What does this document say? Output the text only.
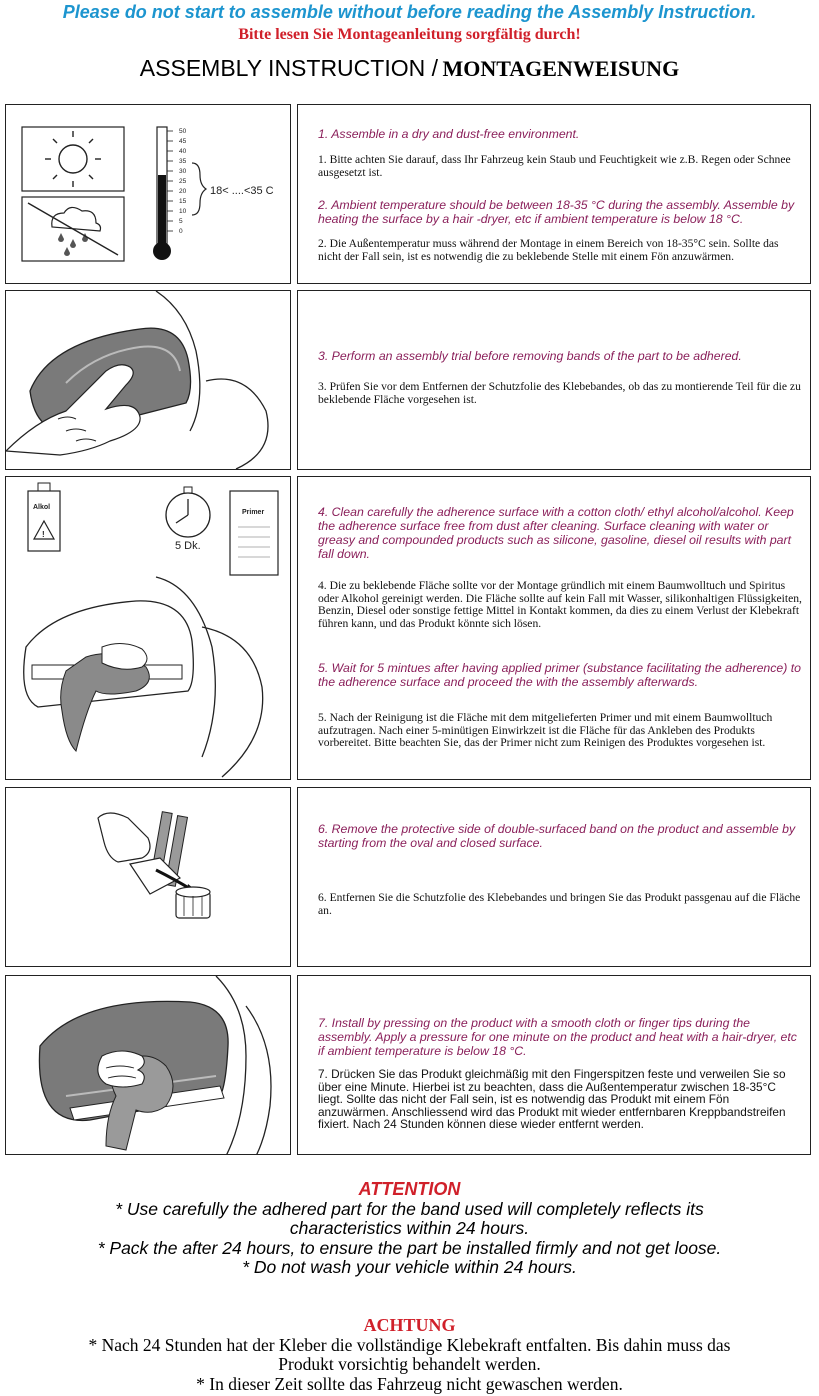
Please do not start to assemble without before reading the Assembly Instruction.
Bitte lesen Sie Montageanleitung sorgfältig durch!
ASSEMBLY INSTRUCTION / MONTAGENWEISUNG
50
45
40
35
30
25
20
15
10
5
0
18< ....<35 C
1. Assemble in a dry and dust-free environment.
1. Bitte achten Sie darauf, dass Ihr Fahrzeug kein Staub und Feuchtigkeit wie z.B. Regen oder Schnee ausgesetzt ist.
2. Ambient temperature should be between 18-35 °C during the assembly. Assemble by heating the surface by a hair -dryer, etc if ambient temperature is below 18 °C.
2. Die Außentemperatur muss während der Montage in einem Bereich von 18-35°C sein. Sollte das nicht der Fall sein, ist es notwendig die zu beklebende Stelle mit einem Fön anzuwärmen.
3. Perform an assembly trial before removing bands of the part to be adhered.
3. Prüfen Sie vor dem Entfernen der Schutzfolie des Klebebandes, ob das zu montierende Teil für die zu beklebende Fläche vorgesehen ist.
Alkol
!
5 Dk.
Primer	4. Clean carefully the adherence surface with a cotton cloth/ ethyl alcohol/alcohol. Keep the adherence surface free from dust after cleaning. Surface cleaning with water or greasy and compounded products such as silicone, gasoline, diesel oil results with part fall down.
4. Die zu beklebende Fläche sollte vor der Montage gründlich mit einem Baumwolltuch und Spiritus oder Alkohol gereinigt werden. Die Fläche sollte auf kein Fall mit Wasser, silikonhaltigen Flüssigkeiten, Benzin, Diesel oder sonstige fettige Mittel in Kontakt kommen, da dies zu einem Verlust der Klebekraft führen kann, und das Produkt könnte sich lösen.
5. Wait for 5 mintues after having applied primer (substance facilitating the adherence) to the adherence surface and proceed the with the assembly afterwards.
5. Nach der Reinigung ist die Fläche mit dem mitgelieferten Primer und mit einem Baumwolltuch aufzutragen. Nach einer 5-minütigen Einwirkzeit ist die Fläche für das Ankleben des Produkts vorbereitet. Bitte beachten Sie, das der Primer nicht zum Reinigen des Produktes vorgesehen ist.
6. Remove the protective side of double-surfaced band on the product and assemble by starting from the oval and closed surface.
6. Entfernen Sie die Schutzfolie des Klebebandes und bringen Sie das Produkt passgenau auf die Fläche an.
7. Install by pressing on the product with a smooth cloth or finger tips during the assembly. Apply a pressure for one minute on the product and heat with a hair-dryer, etc if ambient temperature is below 18 °C.
7. Drücken Sie das Produkt gleichmäßig mit den Fingerspitzen feste und verweilen Sie so über eine Minute. Hierbei ist zu beachten, dass die Außentemperatur zwischen 18-35°C liegt. Sollte das nicht der Fall sein, ist es notwendig das Produkt mit einem Fön anzuwärmen. Anschliessend wird das Produkt mit wieder entfernbaren Kreppbandstreifen fixiert. Nach 24 Stunden können diese wieder entfernt werden.
ATTENTION
* Use carefully the adhered part for the band used will completely reflects its
characteristics within 24 hours.
* Pack the after 24 hours, to ensure the part be installed firmly and not get loose.
* Do not wash your vehicle within 24 hours.
ACHTUNG
* Nach 24 Stunden hat der Kleber die vollständige Klebekraft entfalten. Bis dahin muss das
Produkt vorsichtig behandelt werden.
* In dieser Zeit sollte das Fahrzeug nicht gewaschen werden.
